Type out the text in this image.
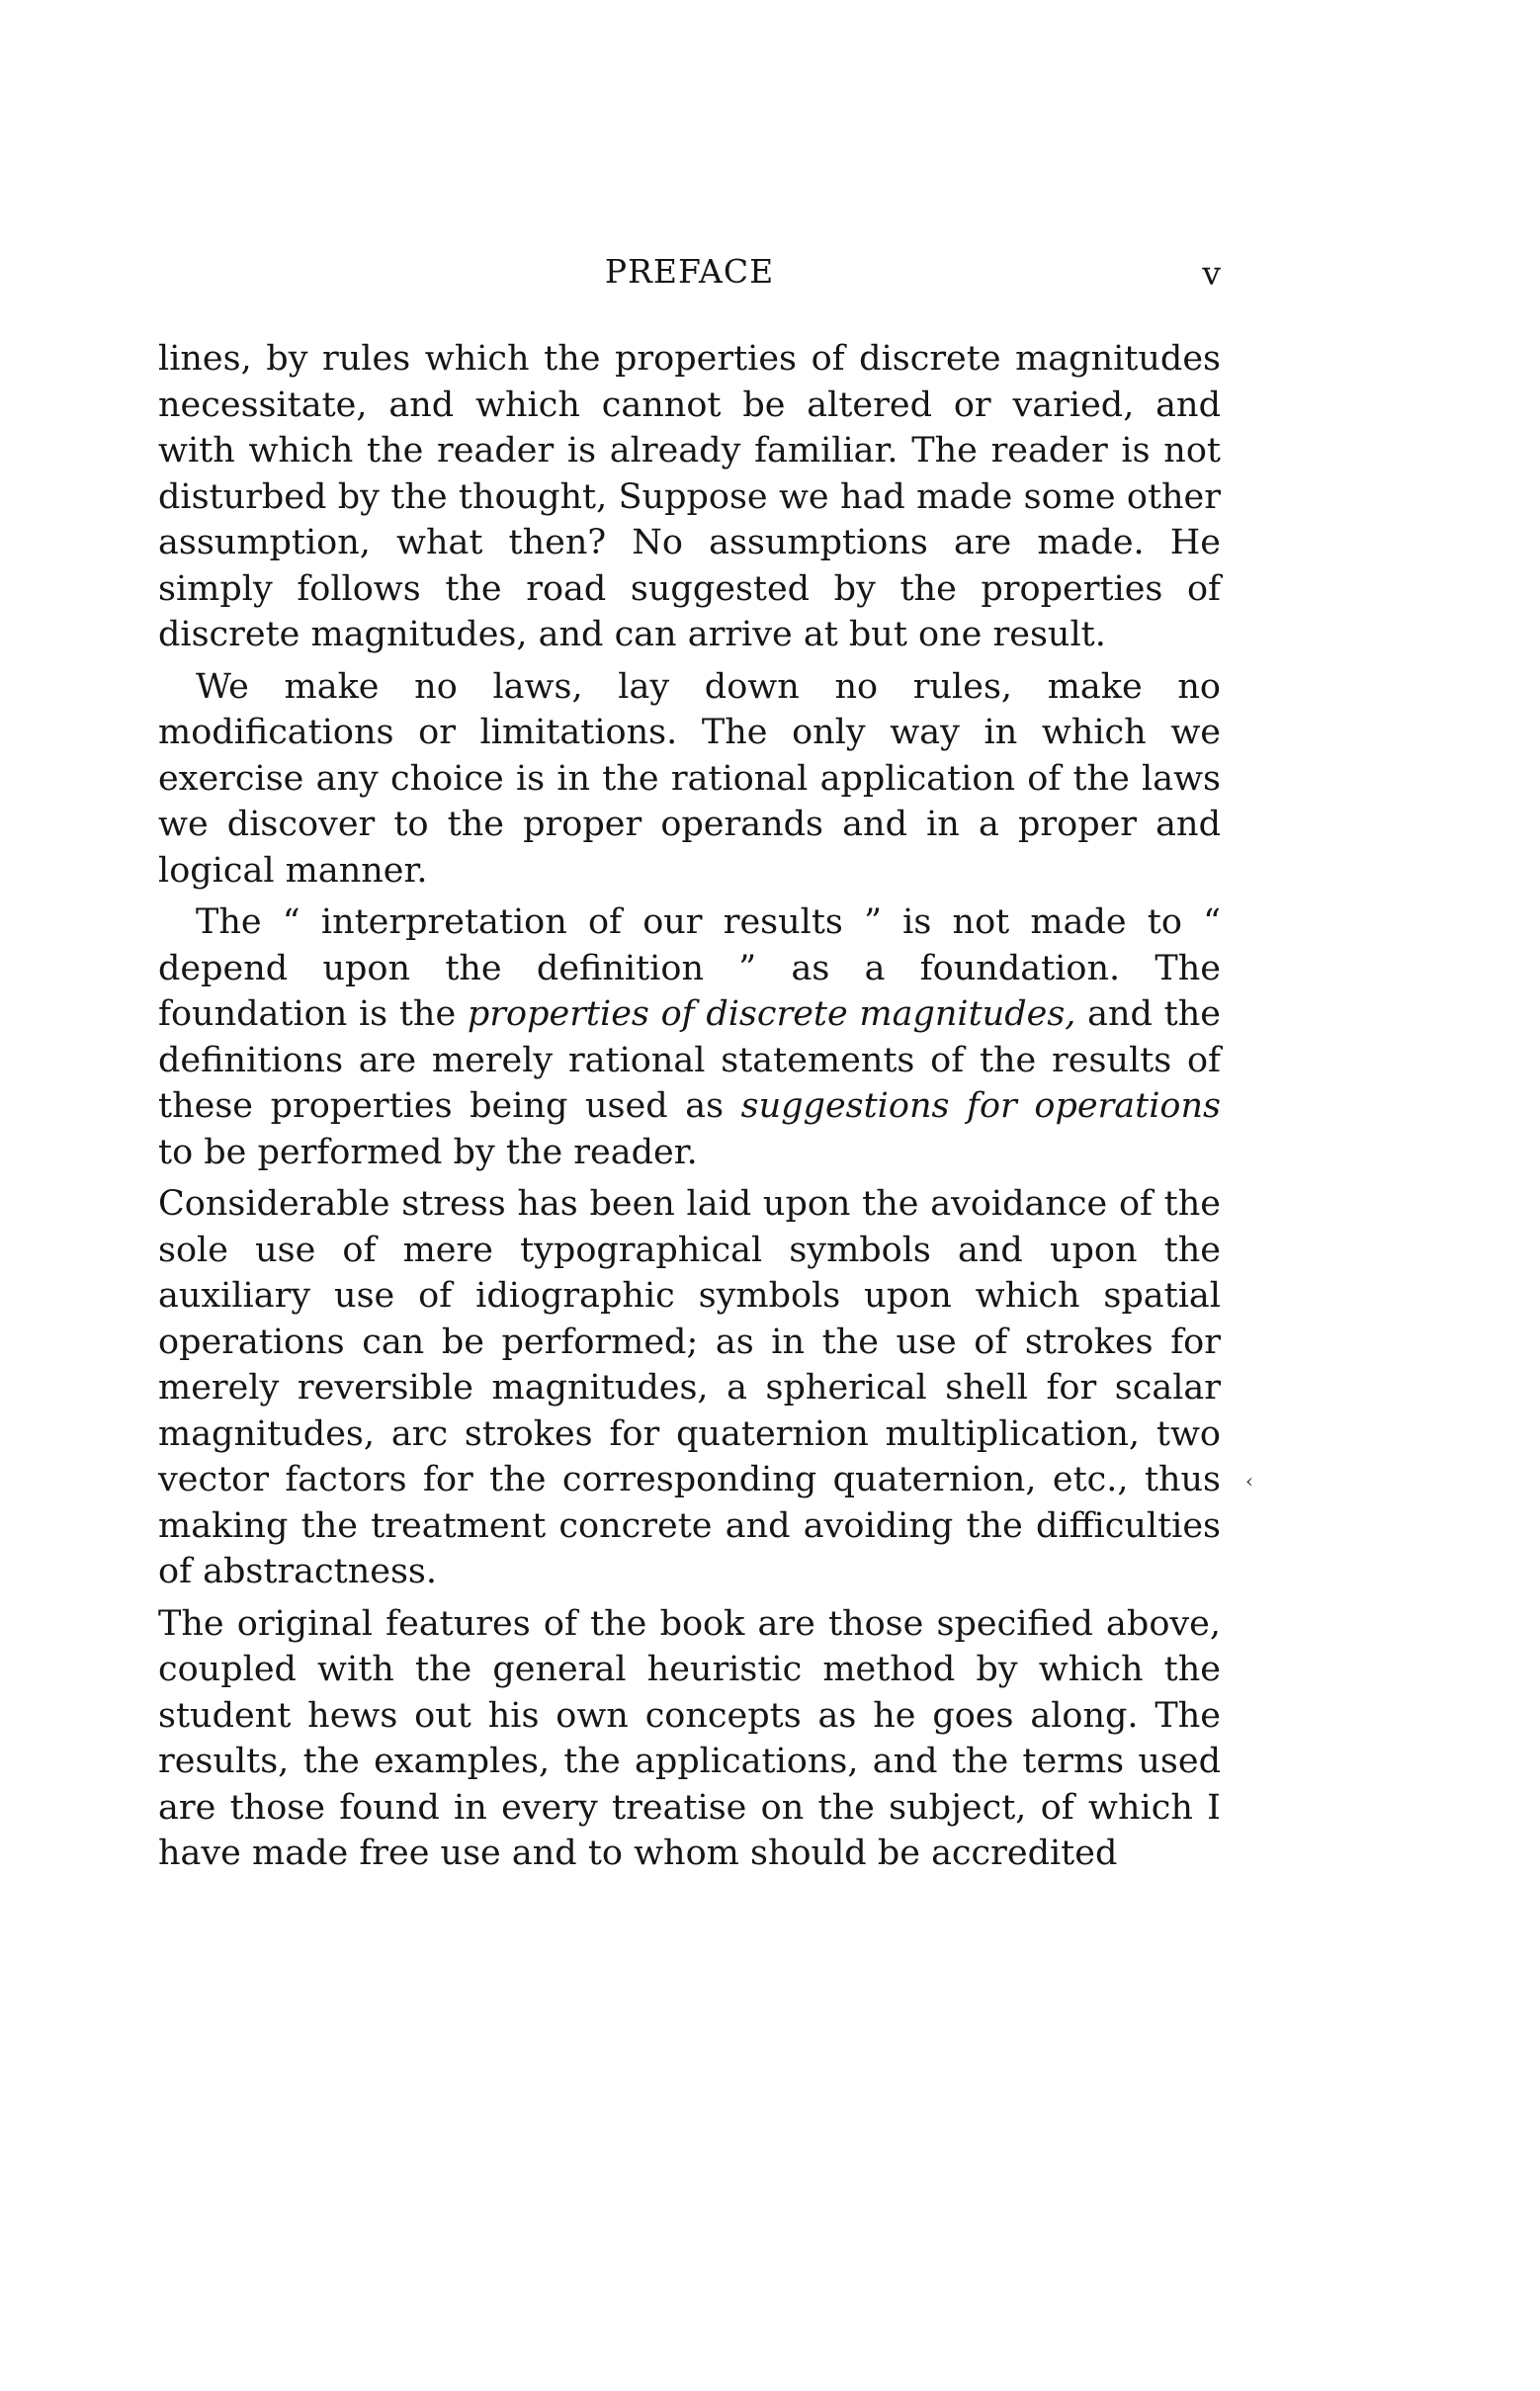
PREFACE	v

lines, by rules which the properties of discrete magnitudes necessitate, and which cannot be altered or varied, and with which the reader is already familiar. The reader is not disturbed by the thought, Suppose we had made some other assumption, what then? No assumptions are made. He simply follows the road suggested by the properties of discrete magnitudes, and can arrive at but one result.

We make no laws, lay down no rules, make no modifications or limitations. The only way in which we exercise any choice is in the rational application of the laws we discover to the proper operands and in a proper and logical manner.

The “ interpretation of our results ” is not made to “ depend upon the definition ” as a foundation. The foundation is the properties of discrete magnitudes, and the definitions are merely rational statements of the results of these properties being used as suggestions for operations to be performed by the reader.

Considerable stress has been laid upon the avoidance of the sole use of mere typographical symbols and upon the auxiliary use of idiographic symbols upon which spatial operations can be performed; as in the use of strokes for merely reversible magnitudes, a spherical shell for scalar magnitudes, arc strokes for quaternion multiplication, two vector factors for the corresponding quaternion, etc., thus making the treatment concrete and avoiding the difficulties of abstractness.

The original features of the book are those specified above, coupled with the general heuristic method by which the student hews out his own concepts as he goes along. The results, the examples, the applications, and the terms used are those found in every treatise on the subject, of which I have made free use and to whom should be accredited

‹
